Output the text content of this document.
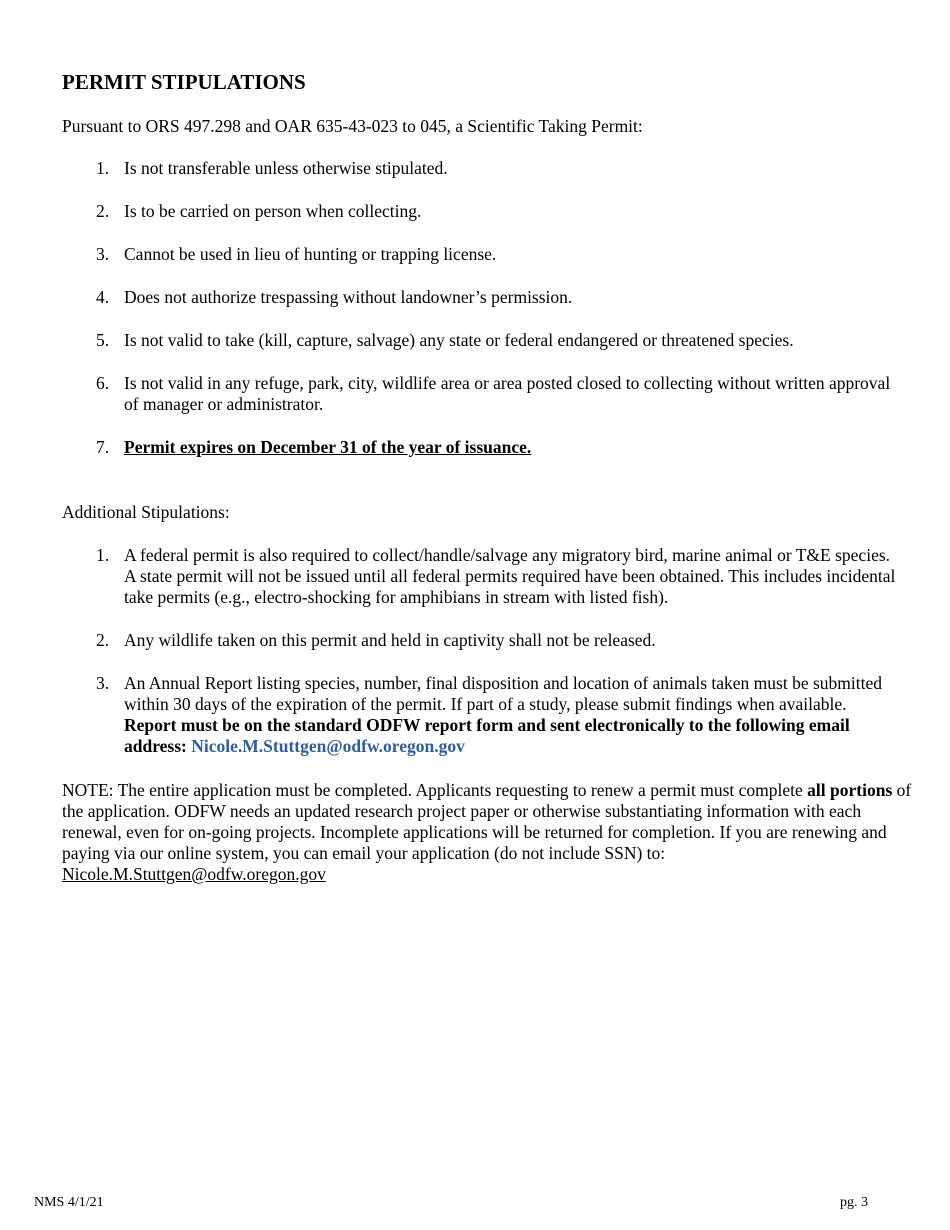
PERMIT STIPULATIONS

Pursuant to ORS 497.298 and OAR 635-43-023 to 045, a Scientific Taking Permit:

1. Is not transferable unless otherwise stipulated.
2. Is to be carried on person when collecting.
3. Cannot be used in lieu of hunting or trapping license.
4. Does not authorize trespassing without landowner’s permission.
5. Is not valid to take (kill, capture, salvage) any state or federal endangered or threatened species.
6. Is not valid in any refuge, park, city, wildlife area or area posted closed to collecting without written approval of manager or administrator.
7. Permit expires on December 31 of the year of issuance.

Additional Stipulations:

1. A federal permit is also required to collect/handle/salvage any migratory bird, marine animal or T&E species. A state permit will not be issued until all federal permits required have been obtained. This includes incidental take permits (e.g., electro-shocking for amphibians in stream with listed fish).
2. Any wildlife taken on this permit and held in captivity shall not be released.
3. An Annual Report listing species, number, final disposition and location of animals taken must be submitted within 30 days of the expiration of the permit. If part of a study, please submit findings when available. Report must be on the standard ODFW report form and sent electronically to the following email address: Nicole.M.Stuttgen@odfw.oregon.gov

NOTE: The entire application must be completed. Applicants requesting to renew a permit must complete all portions of the application. ODFW needs an updated research project paper or otherwise substantiating information with each renewal, even for on-going projects. Incomplete applications will be returned for completion. If you are renewing and paying via our online system, you can email your application (do not include SSN) to: Nicole.M.Stuttgen@odfw.oregon.gov

NMS 4/1/21	pg. 3
